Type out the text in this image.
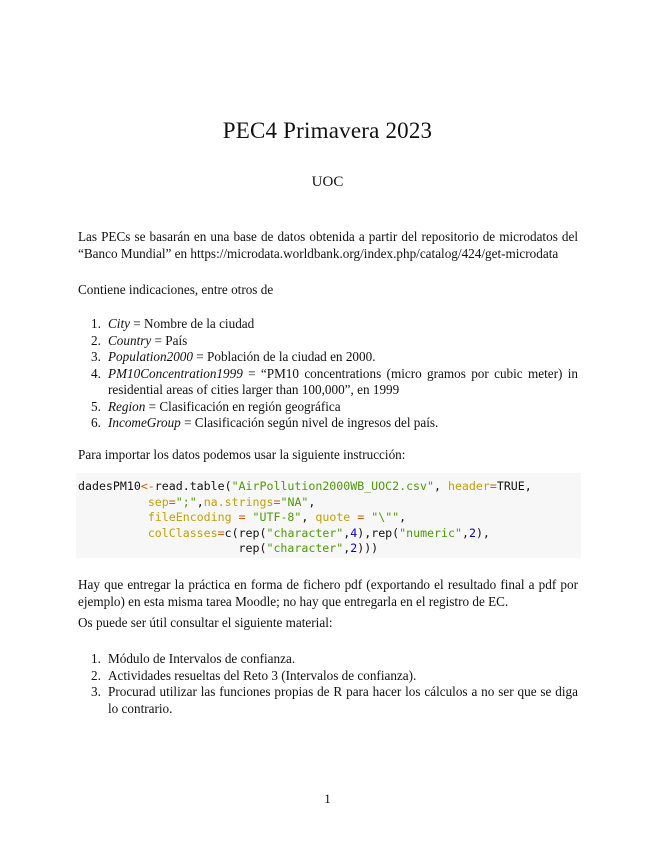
PEC4 Primavera 2023
UOC
Las PECs se basarán en una base de datos obtenida a partir del repositorio de microdatos del “Banco Mundial” en https://microdata.worldbank.org/index.php/catalog/424/get-microdata
Contiene indicaciones, entre otros de
1. City = Nombre de la ciudad
2. Country = País
3. Population2000 = Población de la ciudad en 2000.
4. PM10Concentration1999 = “PM10 concentrations (micro gramos por cubic meter) in residential areas of cities larger than 100,000”, en 1999
5. Region = Clasificación en región geográfica
6. IncomeGroup = Clasificación según nivel de ingresos del país.
Para importar los datos podemos usar la siguiente instrucción:
dadesPM10<-read.table("AirPollution2000WB_UOC2.csv", header=TRUE,
sep=";",na.strings="NA",
fileEncoding = "UTF-8", quote = "\"",
colClasses=c(rep("character",4),rep("numeric",2),
rep("character",2)))
Hay que entregar la práctica en forma de fichero pdf (exportando el resultado final a pdf por ejemplo) en esta misma tarea Moodle; no hay que entregarla en el registro de EC.
Os puede ser útil consultar el siguiente material:
1. Módulo de Intervalos de confianza.
2. Actividades resueltas del Reto 3 (Intervalos de confianza).
3. Procurad utilizar las funciones propias de R para hacer los cálculos a no ser que se diga lo contrario.
1
